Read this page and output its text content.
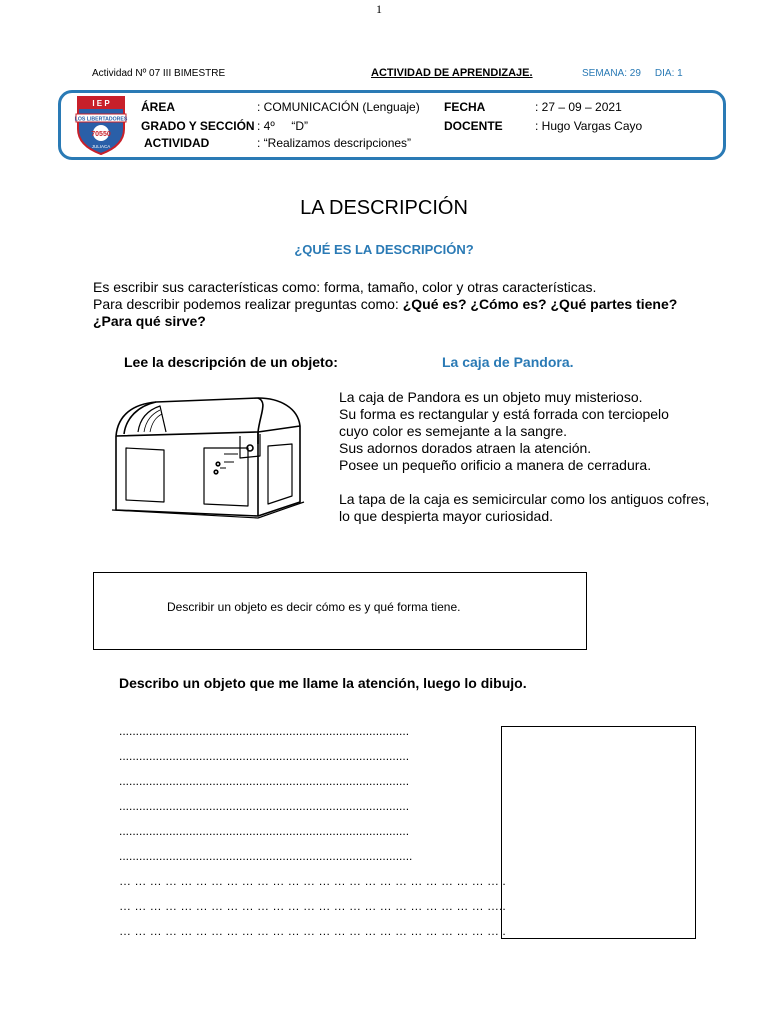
1
Actividad Nº 07 III BIMESTRE	ACTIVIDAD DE APRENDIZAJE.	SEMANA: 29 DIA: 1
I E P
LOS LIBERTADORES
70550
JULIACA
ÁREA	: COMUNICACIÓN (Lenguaje)
GRADO Y SECCIÓN : 4º     “D”
ACTIVIDAD	: “Realizamos descripciones”
FECHA	: 27 – 09 – 2021
DOCENTE	: Hugo Vargas Cayo
LA DESCRIPCIÓN
¿QUÉ ES LA DESCRIPCIÓN?
Es escribir sus características como: forma, tamaño, color y otras características.
Para describir podemos realizar preguntas como: ¿Qué es? ¿Cómo es? ¿Qué partes tiene?
¿Para qué sirve?
Lee la descripción de un objeto:	La caja de Pandora.
La caja de Pandora es un objeto muy misterioso.
Su forma es rectangular y está forrada con terciopelo
cuyo color es semejante a la sangre.
Sus adornos dorados atraen la atención.
Posee un pequeño orificio a manera de cerradura.
La tapa de la caja es semicircular como los antiguos cofres,
lo que despierta mayor curiosidad.
Describir un objeto es decir cómo es y qué forma tiene.
Describo un objeto que me llame la atención, luego lo dibujo.
.......................................................................................
.......................................................................................
.......................................................................................
.......................................................................................
.......................................................................................
........................................................................................
… … … … … … … … … … … … … … … … … … … … … … … … … .
… … … … … … … … … … … … … … … … … … … … … … … … …..
… … … … … … … … … … … … … … … … … … … … … … … … … .
